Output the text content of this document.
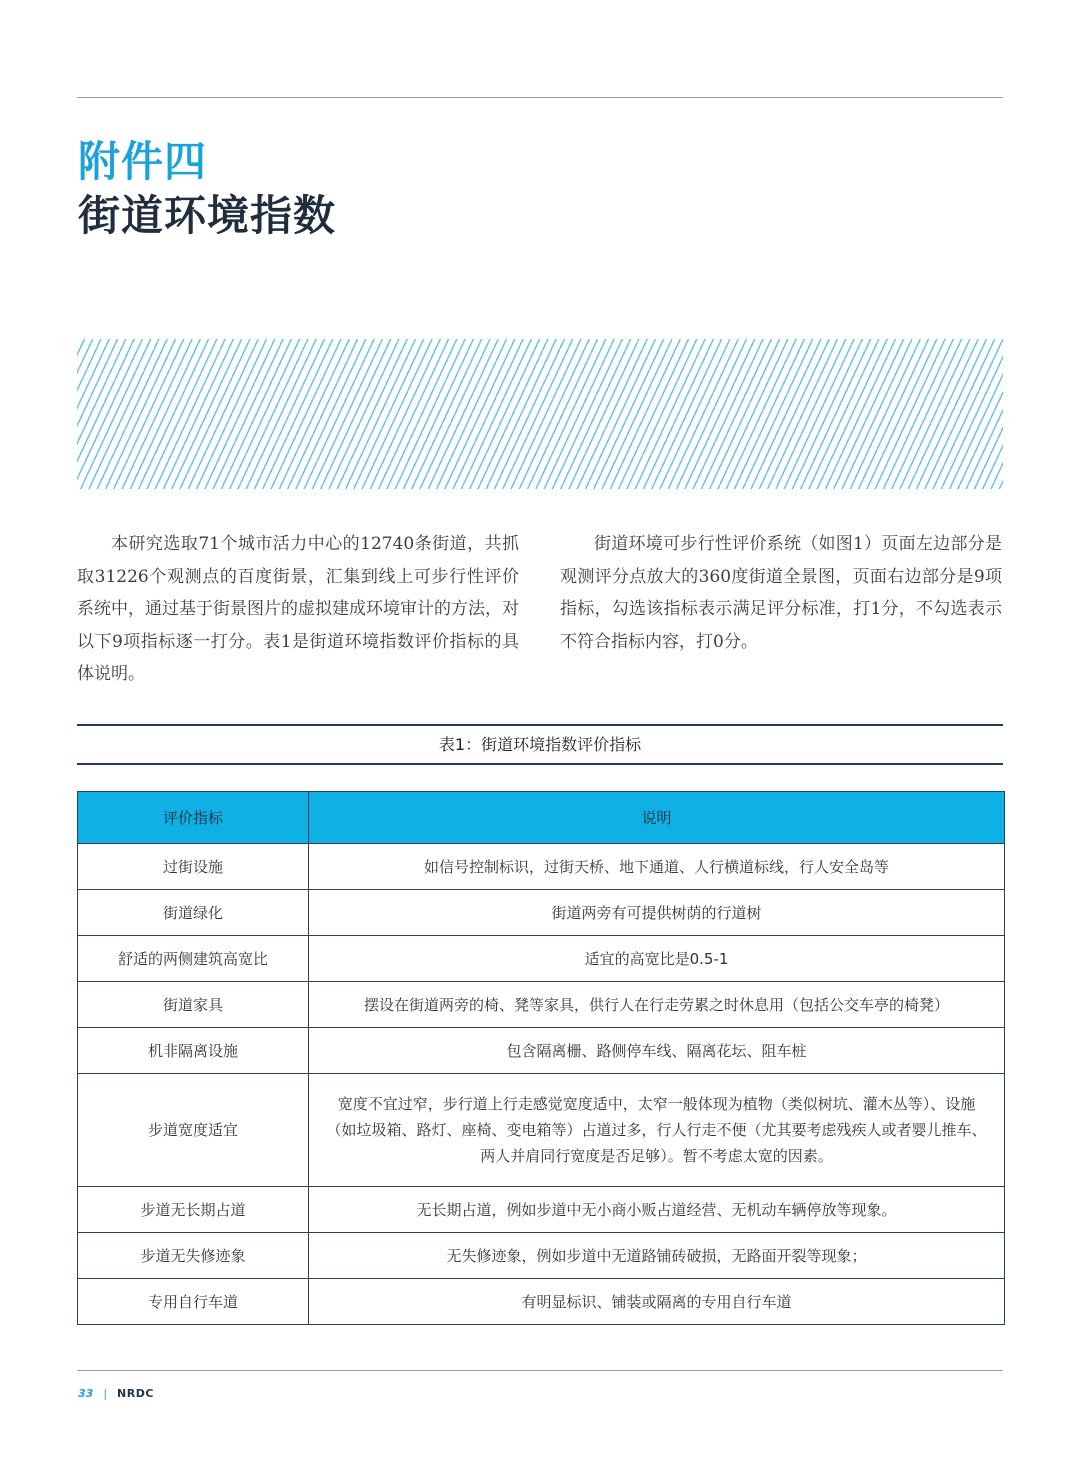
附件四
街道环境指数

本研究选取71个城市活力中心的12740条街道，共抓取31226个观测点的百度街景，汇集到线上可步行性评价系统中，通过基于街景图片的虚拟建成环境审计的方法，对以下9项指标逐一打分。表1是街道环境指数评价指标的具体说明。

街道环境可步行性评价系统（如图1）页面左边部分是观测评分点放大的360度街道全景图，页面右边部分是9项指标，勾选该指标表示满足评分标准，打1分，不勾选表示不符合指标内容，打0分。

表1：街道环境指数评价指标
评价指标	说明
过街设施	如信号控制标识，过街天桥、地下通道、人行横道标线，行人安全岛等
街道绿化	街道两旁有可提供树荫的行道树
舒适的两侧建筑高宽比	适宜的高宽比是0.5-1
街道家具	摆设在街道两旁的椅、凳等家具，供行人在行走劳累之时休息用（包括公交车亭的椅凳）
机非隔离设施	包含隔离栅、路侧停车线、隔离花坛、阻车桩
步道宽度适宜	宽度不宜过窄，步行道上行走感觉宽度适中，太窄一般体现为植物（类似树坑、灌木丛等）、设施（如垃圾箱、路灯、座椅、变电箱等）占道过多，行人行走不便（尤其要考虑残疾人或者婴儿推车、两人并肩同行宽度是否足够）。暂不考虑太宽的因素。
步道无长期占道	无长期占道，例如步道中无小商小贩占道经营、无机动车辆停放等现象。
步道无失修迹象	无失修迹象，例如步道中无道路铺砖破损，无路面开裂等现象；
专用自行车道	有明显标识、铺装或隔离的专用自行车道
33 | NRDC
